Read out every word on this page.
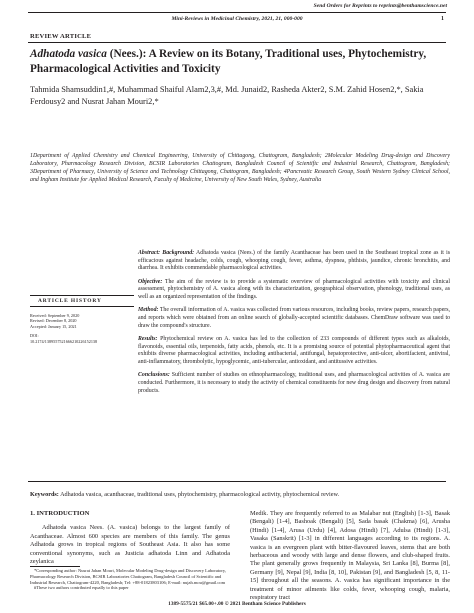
Send Orders for Reprints to reprints@benthamscience.net
Mini-Reviews in Medicinal Chemistry, 2021, 21, 000-000	1
REVIEW ARTICLE
Adhatoda vasica (Nees.): A Review on its Botany, Traditional uses, Phytochemistry, Pharmacological Activities and Toxicity
Tahmida Shamsuddin1,#, Muhammad Shaiful Alam2,3,#, Md. Junaid2, Rasheda Akter2, S.M. Zahid Hosen2,*, Sakia Ferdousy2 and Nusrat Jahan Mouri2,*
1Department of Applied Chemistry and Chemical Engineering, University of Chittagong, Chattogram, Bangladesh; 2Molecular Modeling Drug-design and Discovery Laboratory, Pharmacology Research Division, BCSIR Laboratories Chattogram, Bangladesh Council of Scientific and Industrial Research, Chattogram, Bangladesh; 3Department of Pharmacy, University of Science and Technology Chittagong, Chattogram, Bangladesh; 4Pancreatic Research Group, South Western Sydney Clinical School, and Ingham Institute for Applied Medical Research, Faculty of Medicine, University of New South Wales, Sydney, Australia

Abstract: Background: Adhatoda vasica (Nees.) of the family Acanthaceae has been used in the Southeast tropical zone as it is efficacious against headache, colds, cough, whooping cough, fever, asthma, dyspnea, phthisis, jaundice, chronic bronchitis, and diarrhea. It exhibits commendable pharmacological activities.

Objective: The aim of the review is to provide a systematic overview of pharmacological activities with toxicity and clinical assessment, phytochemistry of A. vasica along with its characterization, geographical observation, phenology, traditional uses, as well as an organized representation of the findings.

Method: The overall information of A. vasica was collected from various resources, including books, review papers, research papers, and reports which were obtained from an online search of globally-accepted scientific databases. ChemDraw software was used to draw the compound's structure.

Results: Phytochemical review on A. vasica has led to the collection of 233 compounds of different types such as alkaloids, flavonoids, essential oils, terpenoids, fatty acids, phenols, etc. It is a promising source of potential phytopharmaceutical agent that exhibits diverse pharmacological activities, including antibacterial, antifungal, hepatoprotective, anti-ulcer, abortifacient, antiviral, anti-inflammatory, thrombolytic, hypoglycemic, anti-tubercular, antioxidant, and antitussive activities.

Conclusions: Sufficient number of studies on ethnopharmacology, traditional uses, and pharmacological activities of A. vasica are conducted. Furthermore, it is necessary to study the activity of chemical constituents for new drug design and discovery from natural products.

ARTICLE HISTORY
Received: September 9, 2020
Revised: December 8, 2020
Accepted: January 15, 2021
DOI:
10.2174/1389557521666210226152138
Keywords: Adhatoda vasica, acanthaceae, traditional uses, phytochemistry, pharmacological activity, phytochemical review.
1. INTRODUCTION
Adhatoda vasica Nees. (A. vasica) belongs to the largest family of Acanthaceae. Almost 600 species are members of this family. The genus Adhatoda grows in tropical regions of Southeast Asia. It also has some conventional synonyms, such as Justicia adhatoda Linn and Adhatoda zeylanica
Medik. They are frequently referred to as Malabar nut (English) [1-3], Basak (Bengali) [1-4], Bashoak (Bengali) [5], Sada basak (Chakma) [6], Arusha (Hindi) [1-4], Arusa (Urdu) [4], Adosa (Hindi) [7], Adulsa (Hindi) [1-3], Vasaka (Sanskrit) [1-3] in different languages according to its regions. A. vasica is an evergreen plant with bitter-flavoured leaves, stems that are both herbaceous and woody with large and dense flowers, and club-shaped fruits. The plant generally grows frequently in Malaysia, Sri Lanka [8], Burma [8], Germany [9], Nepal [9], India [8, 10], Pakistan [9], and Bangladesh [5, 8, 11-15] throughout all the seasons. A. vasica has significant importance in the treatment of minor ailments like colds, fever, whooping cough, malaria, respiratory tract

*Corresponding author: Nusrat Jahan Mouri, Molecular Modeling Drug-design and Discovery Laboratory, Pharmacology Research Division, BCSIR Laboratories Chattogram, Bangladesh Council of Scientific and Industrial Research, Chattogram-4220, Bangladesh; Tel: +88-01823803106; E-mail: nujah.mou@gmail.com

#These two authors contributed equally to this paper

1389-5575/21 $65.00+.00 © 2021 Bentham Science Publishers
